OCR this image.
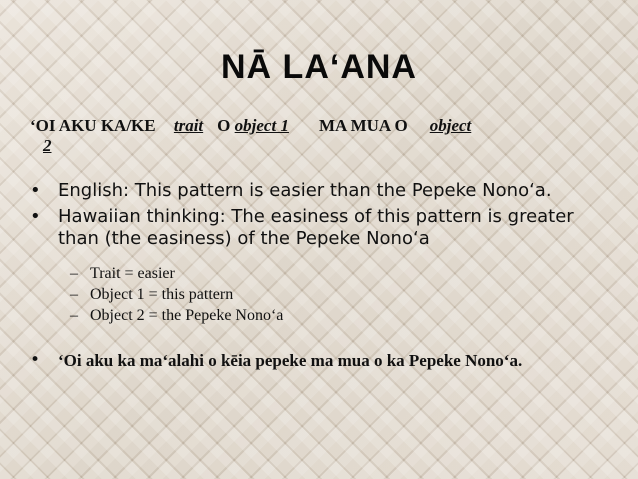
NĀ LA‘ANA
‘OI AKU KA/KE trait O object 1 MA MUA O object
2
• English: This pattern is easier than the Pepeke Nono‘a.
• Hawaiian thinking: The easiness of this pattern is greater than (the easiness) of the Pepeke Nono‘a
– Trait = easier
– Object 1 = this pattern
– Object 2 = the Pepeke Nono‘a
•	‘Oi aku ka ma‘alahi o kēia pepeke ma mua o ka Pepeke Nono‘a.
